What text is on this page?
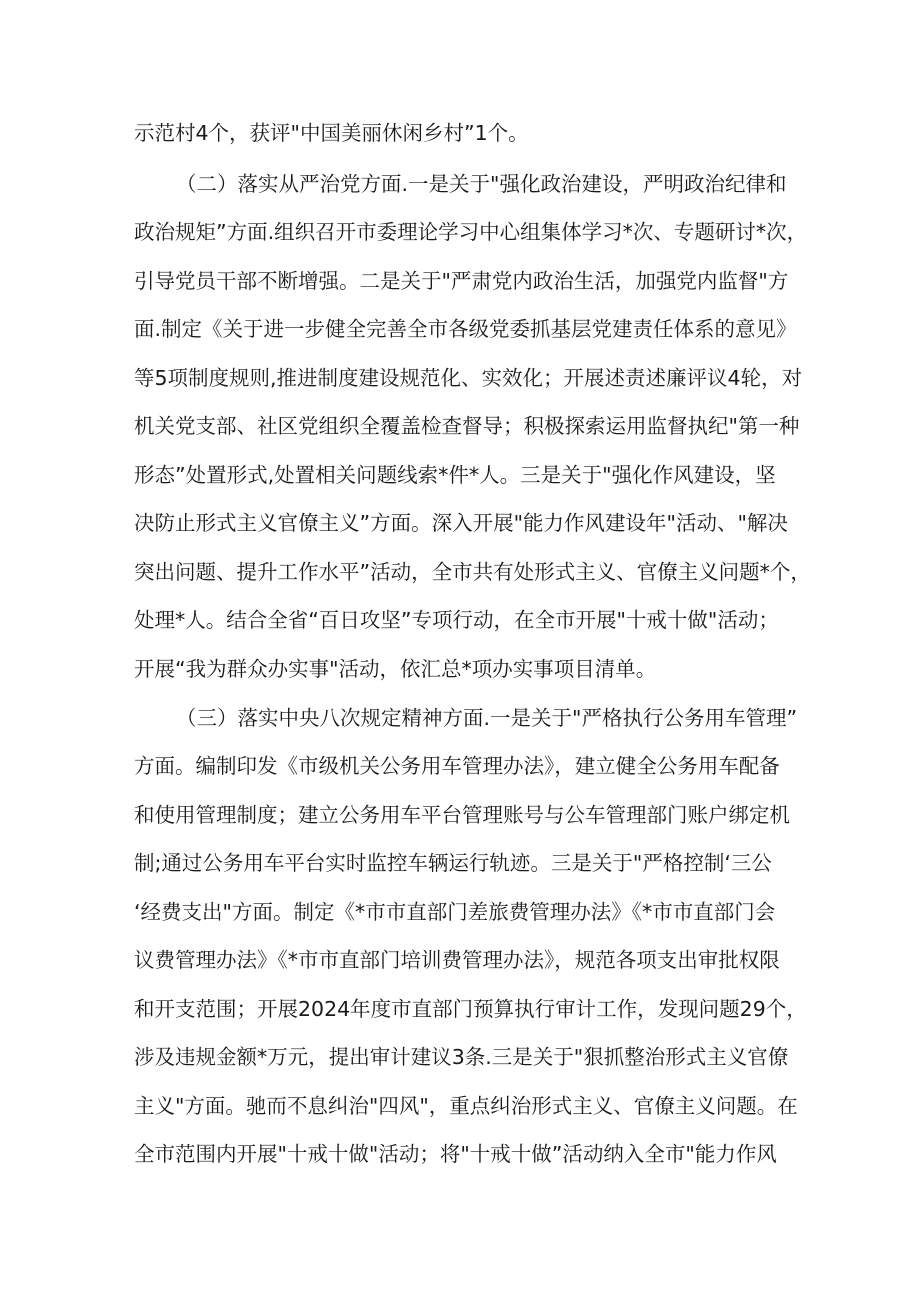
示范村4个，获评"中国美丽休闲乡村”1个。
（二）落实从严治党方面.一是关于"强化政治建设，严明政治纪律和
政治规矩”方面.组织召开市委理论学习中心组集体学习*次、专题研讨*次，
引导党员干部不断增强。二是关于"严肃党内政治生活，加强党内监督"方
面.制定《关于进一步健全完善全市各级党委抓基层党建责任体系的意见》
等5项制度规则,推进制度建设规范化、实效化；开展述责述廉评议4轮，对
机关党支部、社区党组织全覆盖检查督导；积极探索运用监督执纪"第一种
形态”处置形式,处置相关问题线索*件*人。三是关于"强化作风建设，坚
决防止形式主义官僚主义”方面。深入开展"能力作风建设年"活动、"解决
突出问题、提升工作水平”活动，全市共有处形式主义、官僚主义问题*个，
处理*人。结合全省“百日攻坚”专项行动，在全市开展"十戒十做"活动；
开展“我为群众办实事"活动，依汇总*项办实事项目清单。
（三）落实中央八次规定精神方面.一是关于"严格执行公务用车管理”
方面。编制印发《市级机关公务用车管理办法》，建立健全公务用车配备
和使用管理制度；建立公务用车平台管理账号与公车管理部门账户绑定机
制;通过公务用车平台实时监控车辆运行轨迹。三是关于"严格控制‘三公
‘经费支出"方面。制定《*市市直部门差旅费管理办法》《*市市直部门会
议费管理办法》《*市市直部门培训费管理办法》，规范各项支出审批权限
和开支范围；开展2024年度市直部门预算执行审计工作，发现问题29个，
涉及违规金额*万元，提出审计建议3条.三是关于"狠抓整治形式主义官僚
主义"方面。驰而不息纠治"四风"，重点纠治形式主义、官僚主义问题。在
全市范围内开展"十戒十做"活动；将"十戒十做”活动纳入全市"能力作风
